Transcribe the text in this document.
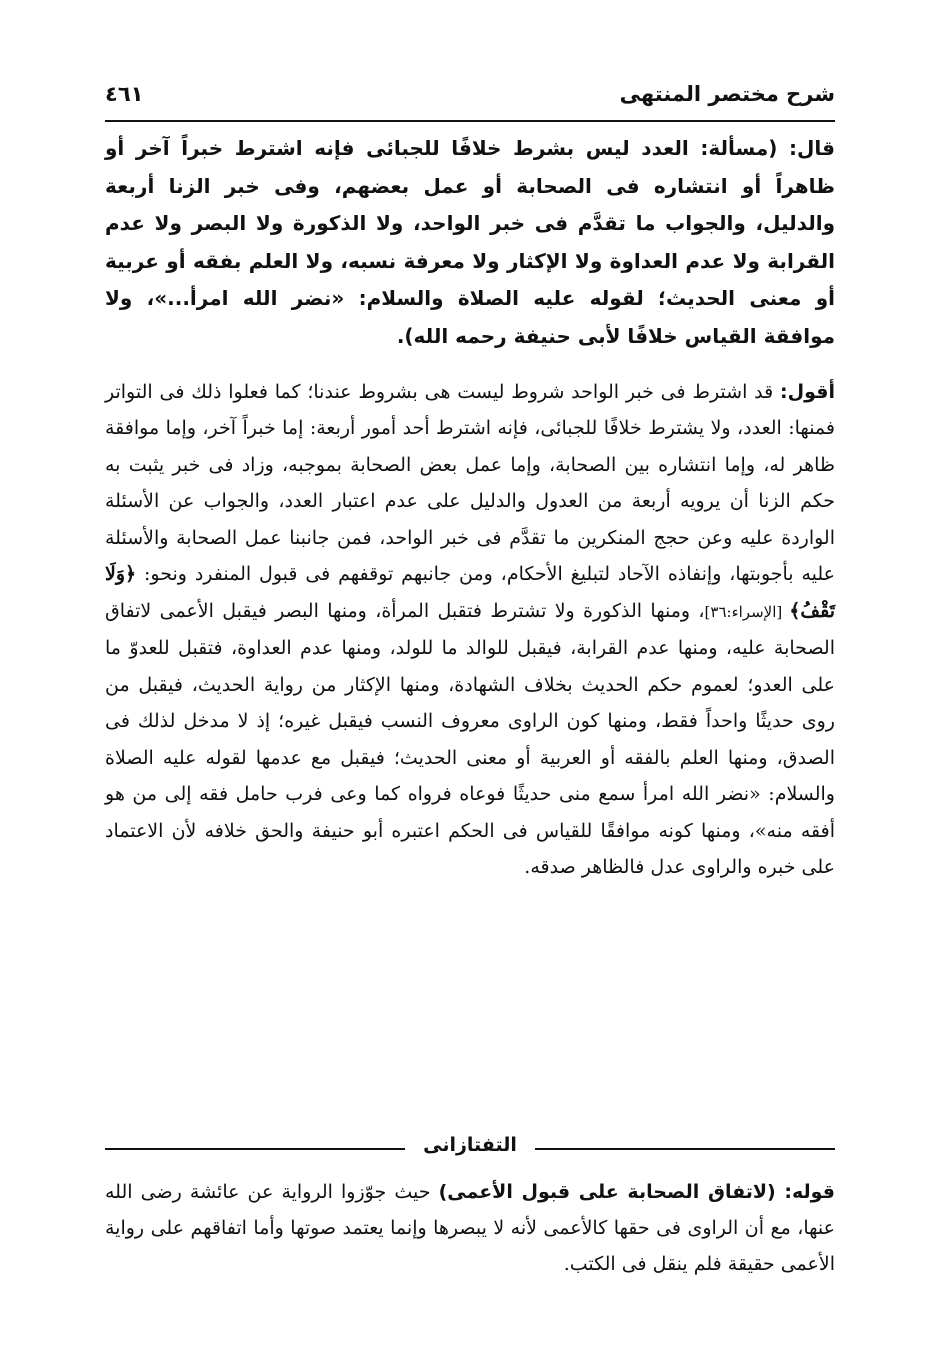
شرح مختصر المنتهى
٤٦١

قال: (مسألة: العدد ليس بشرط خلافًا للجبائى فإنه اشترط خبراً آخر أو ظاهراً أو انتشاره فى الصحابة أو عمل بعضهم، وفى خبر الزنا أربعة والدليل، والجواب ما تقدَّم فى خبر الواحد، ولا الذكورة ولا البصر ولا عدم القرابة ولا عدم العداوة ولا الإكثار ولا معرفة نسبه، ولا العلم بفقه أو عربية أو معنى الحديث؛ لقوله عليه الصلاة والسلام: «نضر الله امرأ...»، ولا موافقة القياس خلافًا لأبى حنيفة رحمه الله).

أقول: قد اشترط فى خبر الواحد شروط ليست هى بشروط عندنا؛ كما فعلوا ذلك فى التواتر فمنها: العدد، ولا يشترط خلافًا للجبائى، فإنه اشترط أحد أمور أربعة: إما خبراً آخر، وإما موافقة ظاهر له، وإما انتشاره بين الصحابة، وإما عمل بعض الصحابة بموجبه، وزاد فى خبر يثبت به حكم الزنا أن يرويه أربعة من العدول والدليل على عدم اعتبار العدد، والجواب عن الأسئلة الواردة عليه وعن حجج المنكرين ما تقدَّم فى خبر الواحد، فمن جانبنا عمل الصحابة والأسئلة عليه بأجوبتها، وإنفاذه الآحاد لتبليغ الأحكام، ومن جانبهم توقفهم فى قبول المنفرد ونحو: ﴿وَلَا تَقْفُ﴾ [الإسراء:٣٦]، ومنها الذكورة ولا تشترط فتقبل المرأة، ومنها البصر فيقبل الأعمى لاتفاق الصحابة عليه، ومنها عدم القرابة، فيقبل للوالد ما للولد، ومنها عدم العداوة، فتقبل للعدوّ ما على العدو؛ لعموم حكم الحديث بخلاف الشهادة، ومنها الإكثار من رواية الحديث، فيقبل من روى حديثًا واحداً فقط، ومنها كون الراوى معروف النسب فيقبل غيره؛ إذ لا مدخل لذلك فى الصدق، ومنها العلم بالفقه أو العربية أو معنى الحديث؛ فيقبل مع عدمها لقوله عليه الصلاة والسلام: «نضر الله امرأ سمع منى حديثًا فوعاه فرواه كما وعى فرب حامل فقه إلى من هو أفقه منه»، ومنها كونه موافقًا للقياس فى الحكم اعتبره أبو حنيفة والحق خلافه لأن الاعتماد على خبره والراوى عدل فالظاهر صدقه.

التفتازانى

قوله: (لاتفاق الصحابة على قبول الأعمى) حيث جوّزوا الرواية عن عائشة رضى الله عنها، مع أن الراوى فى حقها كالأعمى لأنه لا يبصرها وإنما يعتمد صوتها وأما اتفاقهم على رواية الأعمى حقيقة فلم ينقل فى الكتب.
